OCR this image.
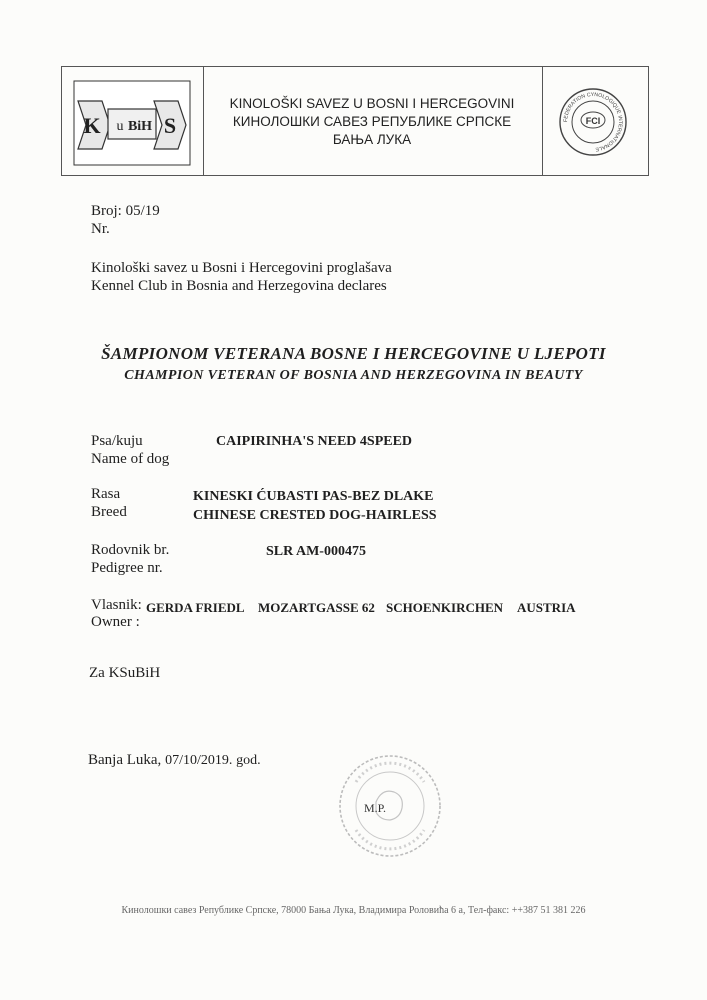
K u BiH S
KINOLOŠKI SAVEZ U BOSNI I HERCEGOVINI
КИНОЛОШКИ САВЕЗ РЕПУБЛИКЕ СРПСКЕ
БАЊА ЛУКА
FEDERATION CYNOLOGIQUE INTERNATIONALE
FCI
Broj: 05/19
Nr.
Kinološki savez u Bosni i Hercegovini proglašava
Kennel Club in Bosnia and Herzegovina declares
ŠAMPIONOM VETERANA BOSNE I HERCEGOVINE U LJEPOTI
CHAMPION VETERAN OF BOSNIA AND HERZEGOVINA IN BEAUTY
Psa/kuju
Name of dog
CAIPIRINHA'S NEED 4SPEED
Rasa
Breed
KINESKI ĆUBASTI PAS-BEZ DLAKE
CHINESE CRESTED DOG-HAIRLESS
Rodovnik br.
Pedigree nr.
SLR AM-000475
Vlasnik:
Owner :
GERDA FRIEDL MOZARTGASSE 62 SCHOENKIRCHEN AUSTRIA
Za KSuBiH
Banja Luka, 07/10/2019. god.
M.P.
Кинолошки савез Републике Српске, 78000 Бања Лука, Владимира Роловића 6 а, Тел-факс: ++387 51 381 226
